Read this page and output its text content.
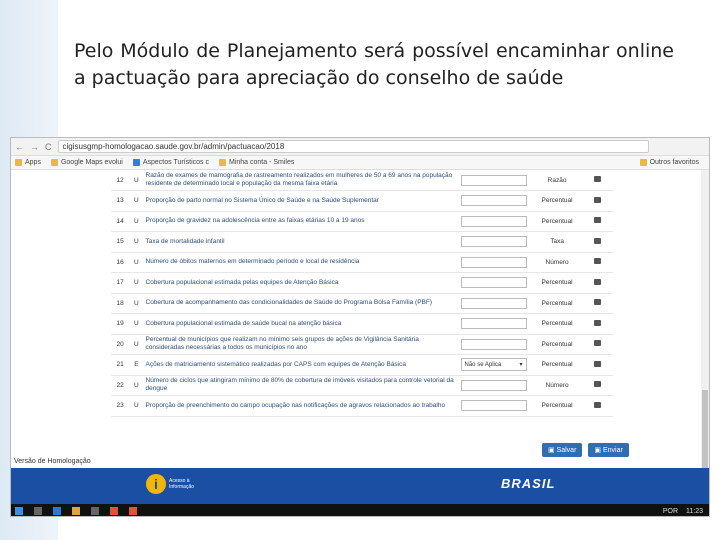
Pelo Módulo de Planejamento será possível encaminhar online a pactuação para apreciação do conselho de saúde
← → C cigisusgmp-homologacao.saude.gov.br/admin/pactuacao/2018
Apps	Google Maps evolui	Aspectos Turísticos c	Minha conta - Smiles	Outros favoritos
12	U	Razão de exames de mamografia de rastreamento realizados em mulheres de 50 a 69 anos na população residente de determinado local e população da mesma faixa etária		Razão	
13	U	Proporção de parto normal no Sistema Único de Saúde e na Saúde Suplementar		Percentual	
14	U	Proporção de gravidez na adolescência entre as faixas etárias 10 a 19 anos		Percentual	
15	U	Taxa de mortalidade infantil		Taxa	
16	U	Número de óbitos maternos em determinado período e local de residência		Número	
17	U	Cobertura populacional estimada pelas equipes de Atenção Básica		Percentual	
18	U	Cobertura de acompanhamento das condicionalidades de Saúde do Programa Bolsa Família (PBF)		Percentual	
19	U	Cobertura populacional estimada de saúde bucal na atenção básica		Percentual	
20	U	Percentual de municípios que realizam no mínimo seis grupos de ações de Vigilância Sanitária consideradas necessárias a todos os municípios no ano		Percentual	
21	E	Ações de matriciamento sistemático realizadas por CAPS com equipes de Atenção Básica	Não se Aplica ▾	Percentual	
22	U	Número de ciclos que atingiram mínimo de 80% de cobertura de imóveis visitados para controle vetorial da dengue		Número	
23	U	Proporção de preenchimento do campo ocupação nas notificações de agravos relacionados ao trabalho		Percentual	
▣ Salvar	▣ Enviar
Versão de Homologação
i	Acesso à
Informação	BRASIL
POR 11:23
